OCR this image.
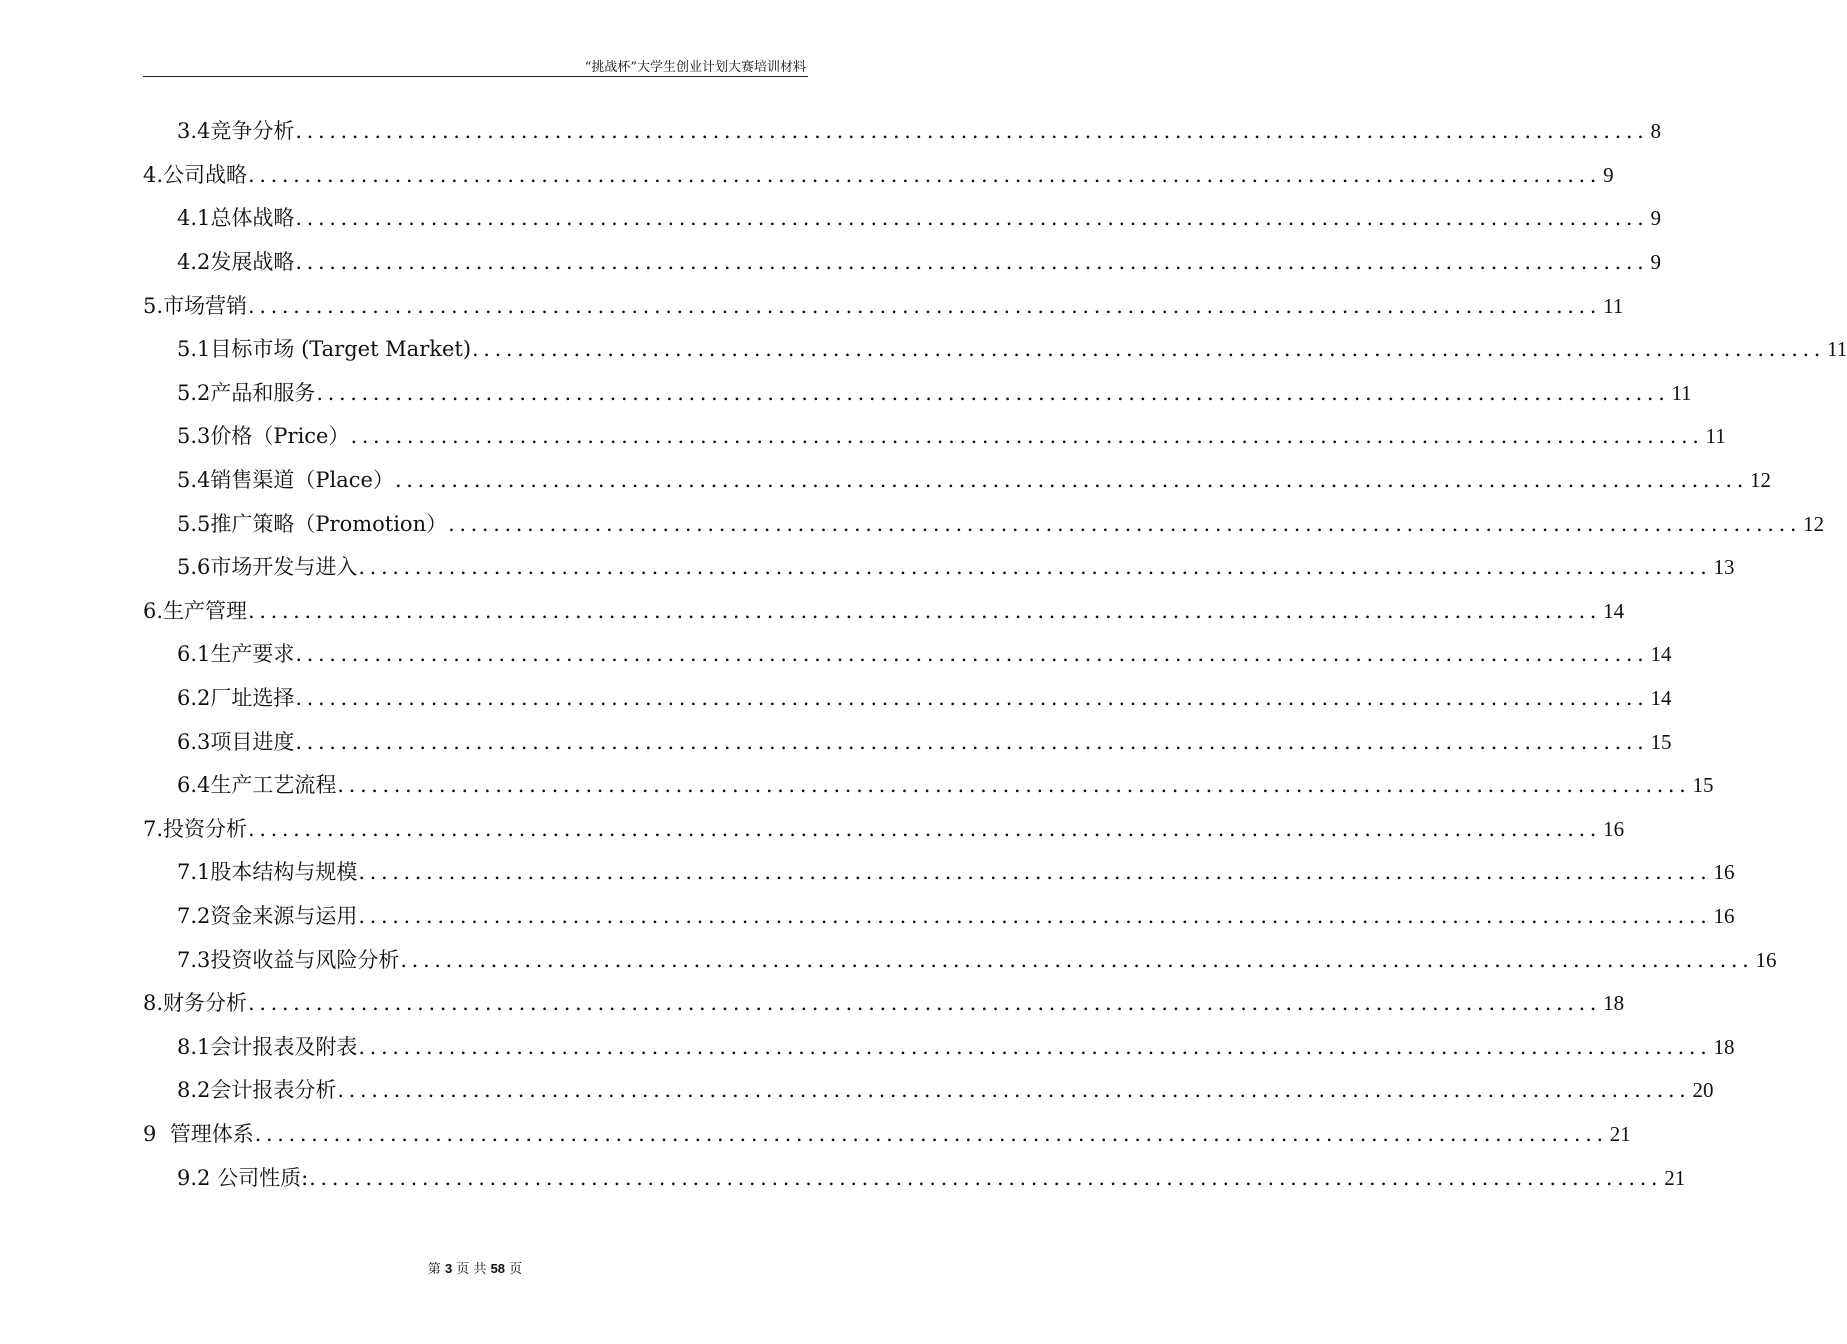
“挑战杯”大学生创业计划大赛培训材料
3.4竞争分析 ........................................................................................................................ 8
4.公司战略 ........................................................................................................................ 9
4.1总体战略 ........................................................................................................................ 9
4.2发展战略 ........................................................................................................................ 9
5.市场营销 ........................................................................................................................ 11
5.1目标市场 (Target Market) ........................................................................................................................ 11
5.2产品和服务 ........................................................................................................................ 11
5.3价格（Price） ........................................................................................................................ 11
5.4销售渠道（Place） ........................................................................................................................ 12
5.5推广策略（Promotion） ........................................................................................................................ 12
5.6市场开发与进入 ........................................................................................................................ 13
6.生产管理 ........................................................................................................................ 14
6.1生产要求 ........................................................................................................................ 14
6.2厂址选择 ........................................................................................................................ 14
6.3项目进度 ........................................................................................................................ 15
6.4生产工艺流程 ........................................................................................................................ 15
7.投资分析 ........................................................................................................................ 16
7.1股本结构与规模 ........................................................................................................................ 16
7.2资金来源与运用 ........................................................................................................................ 16
7.3投资收益与风险分析 ........................................................................................................................ 16
8.财务分析 ........................................................................................................................ 18
8.1会计报表及附表 ........................................................................................................................ 18
8.2会计报表分析 ........................................................................................................................ 20
9  管理体系 ........................................................................................................................ 21
9.2 公司性质: ........................................................................................................................ 21
第 3 页 共 58 页
